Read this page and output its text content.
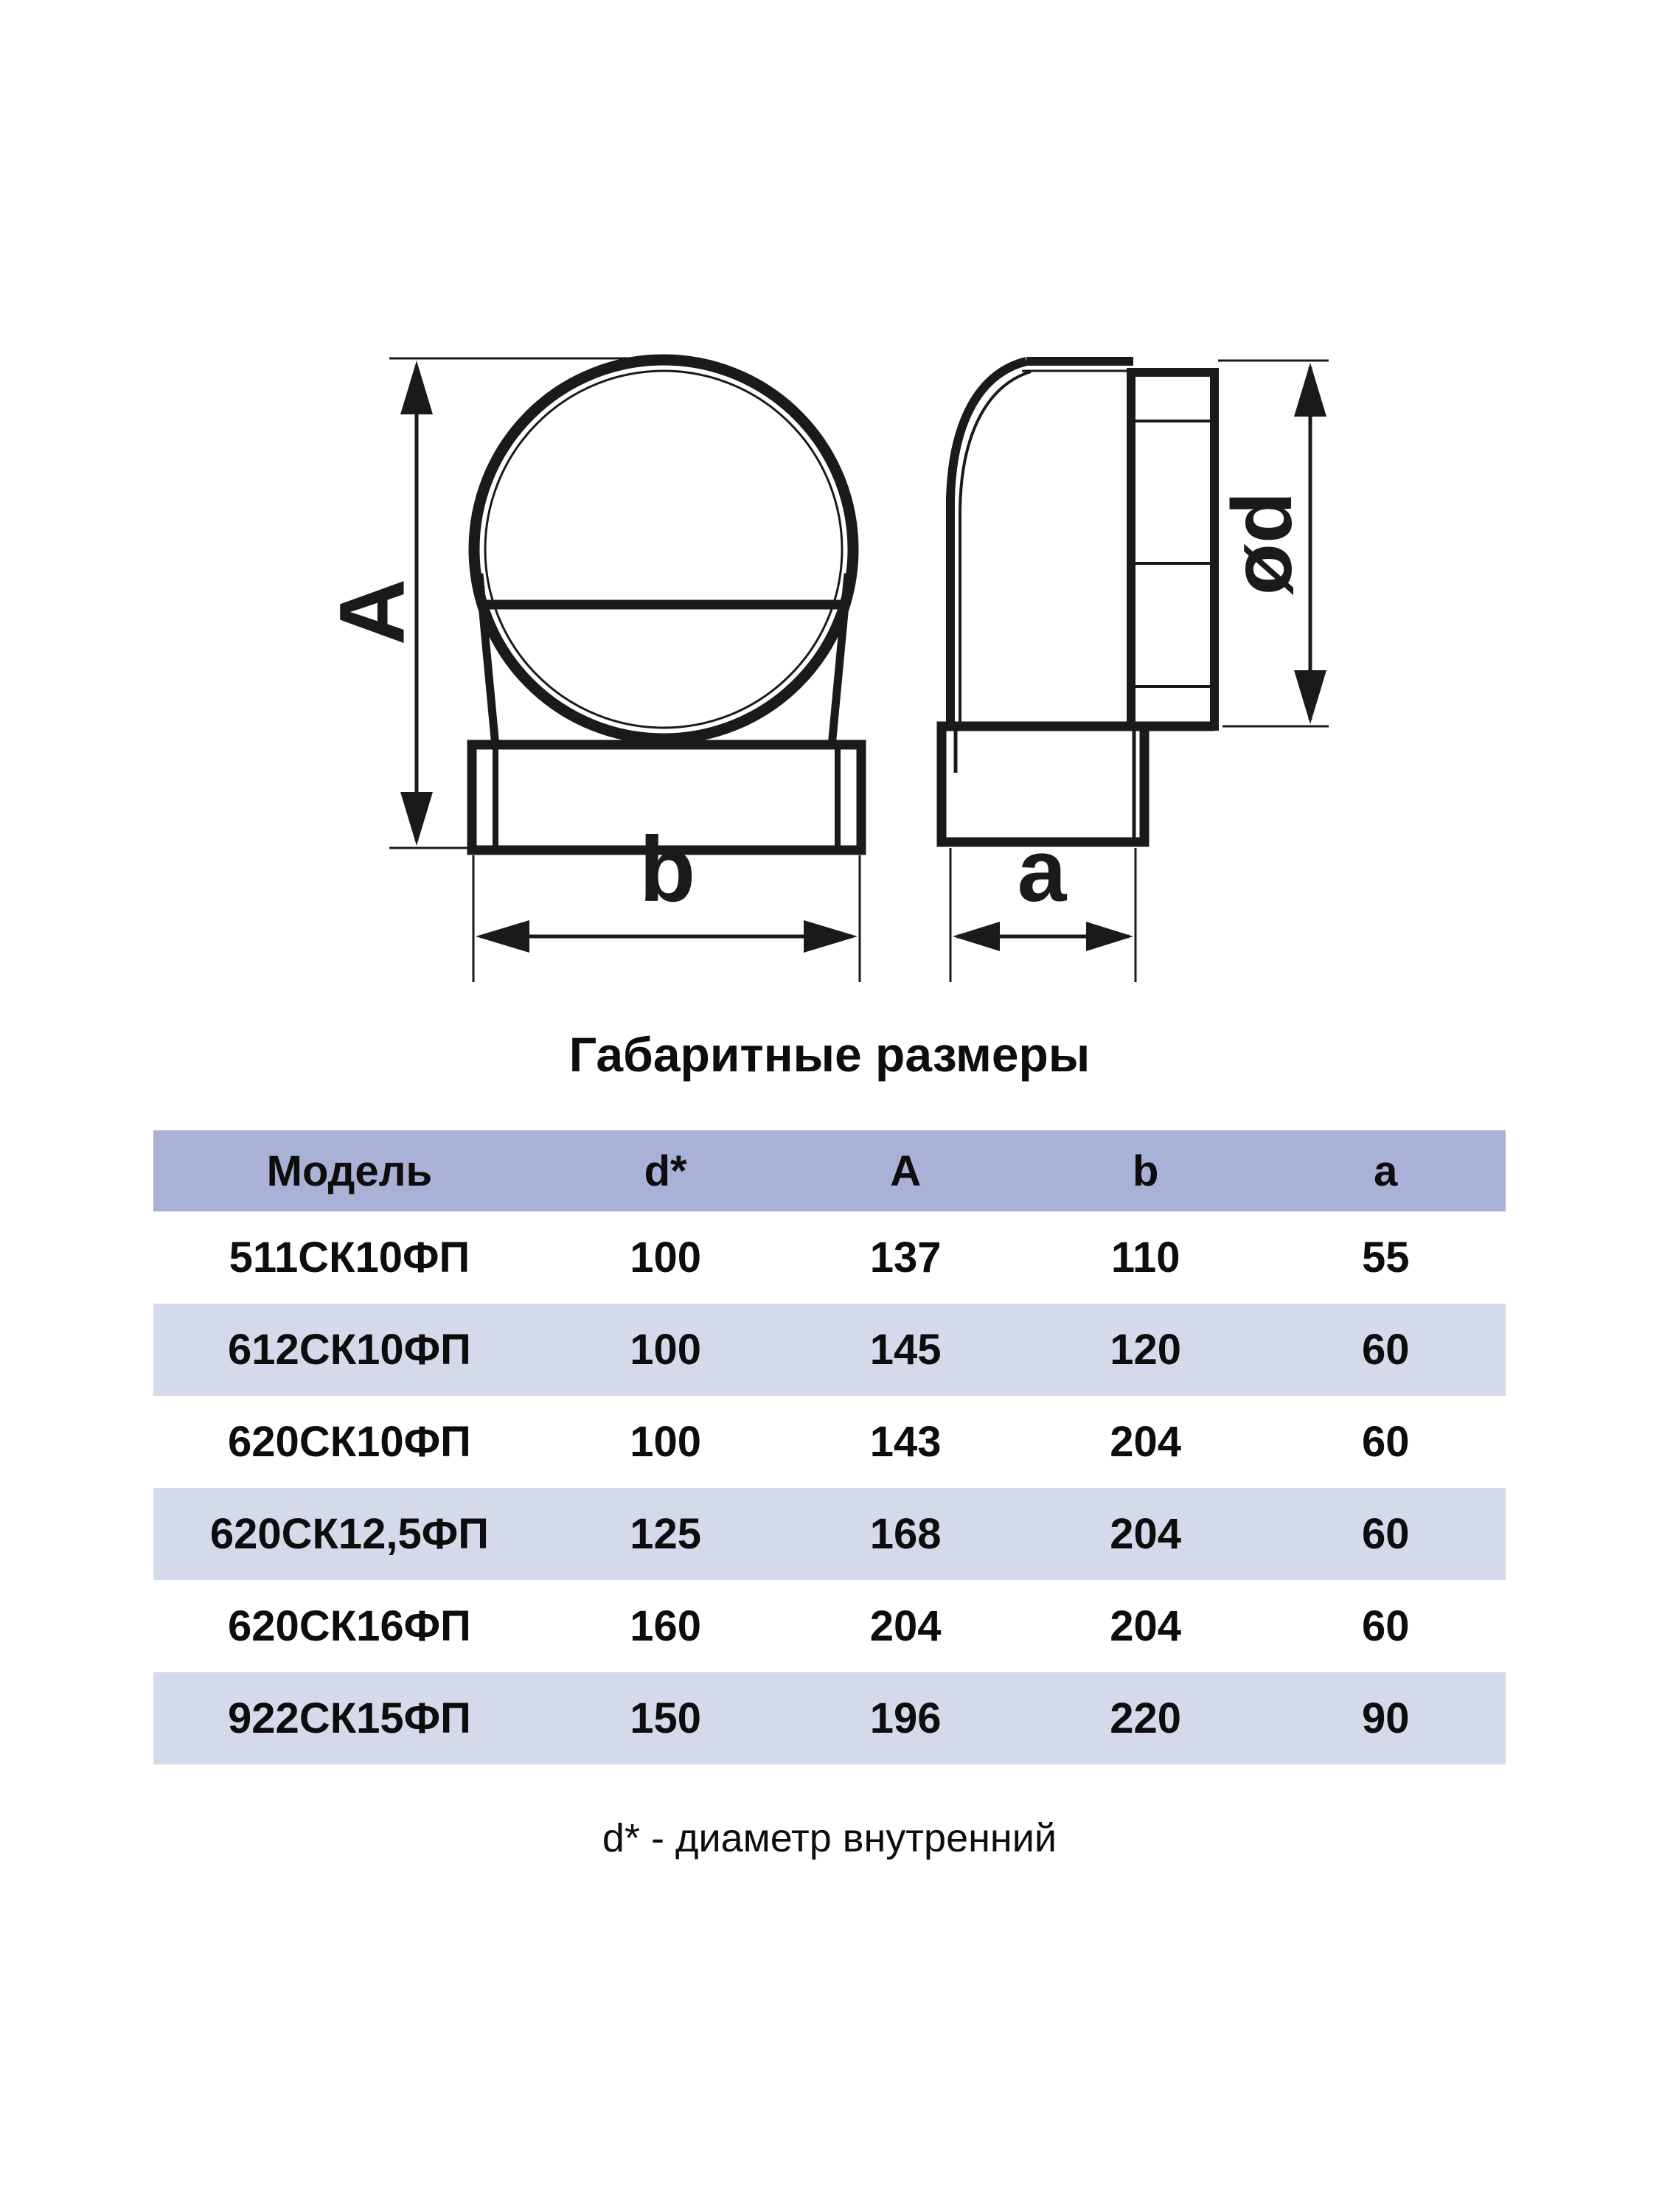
A
b
ød
a
Габаритные размеры
Модель	d*	A	b	a
511СК10ФП	100	137	110	55
612СК10ФП	100	145	120	60
620СК10ФП	100	143	204	60
620СК12,5ФП	125	168	204	60
620СК16ФП	160	204	204	60
922СК15ФП	150	196	220	90
d* - диаметр внутренний
